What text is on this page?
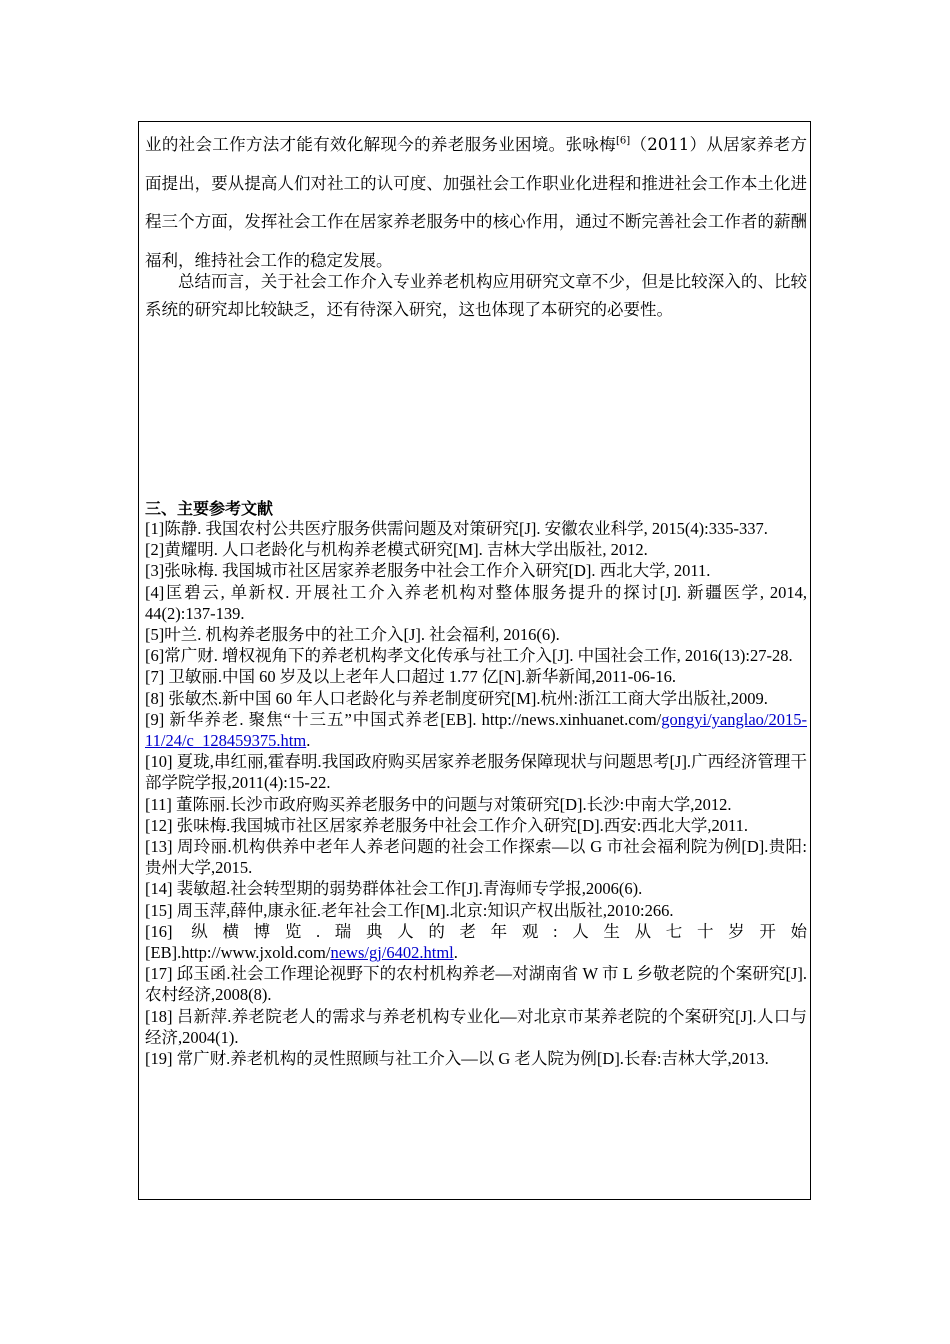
业的社会工作方法才能有效化解现今的养老服务业困境。张咏梅[6]（2011）从居家养老方面提出，要从提高人们对社工的认可度、加强社会工作职业化进程和推进社会工作本土化进程三个方面，发挥社会工作在居家养老服务中的核心作用，通过不断完善社会工作者的薪酬福利，维持社会工作的稳定发展。

总结而言，关于社会工作介入专业养老机构应用研究文章不少，但是比较深入的、比较系统的研究却比较缺乏，还有待深入研究，这也体现了本研究的必要性。

三、主要参考文献
[1]陈静. 我国农村公共医疗服务供需问题及对策研究[J]. 安徽农业科学, 2015(4):335-337.
[2]黄耀明. 人口老龄化与机构养老模式研究[M]. 吉林大学出版社, 2012.
[3]张咏梅. 我国城市社区居家养老服务中社会工作介入研究[D]. 西北大学, 2011.
[4]匡碧云, 单新权. 开展社工介入养老机构对整体服务提升的探讨[J]. 新疆医学, 2014, 44(2):137-139.
[5]叶兰. 机构养老服务中的社工介入[J]. 社会福利, 2016(6).
[6]常广财. 增权视角下的养老机构孝文化传承与社工介入[J]. 中国社会工作, 2016(13):27-28.
[7] 卫敏丽.中国 60 岁及以上老年人口超过 1.77 亿[N].新华新闻,2011-06-16.
[8] 张敏杰.新中国 60 年人口老龄化与养老制度研究[M].杭州:浙江工商大学出版社,2009.
[9] 新华养老. 聚焦“十三五”中国式养老[EB]. http://news.xinhuanet.com/gongyi/yanglao/2015-11/24/c_128459375.htm.
[10] 夏珑,串红丽,霍春明.我国政府购买居家养老服务保障现状与问题思考[J].广西经济管理干部学院学报,2011(4):15-22.
[11] 董陈丽.长沙市政府购买养老服务中的问题与对策研究[D].长沙:中南大学,2012.
[12] 张味梅.我国城市社区居家养老服务中社会工作介入研究[D].西安:西北大学,2011.
[13] 周玲丽.机构供养中老年人养老问题的社会工作探索—以 G 市社会福利院为例[D].贵阳:贵州大学,2015.
[14] 裴敏超.社会转型期的弱势群体社会工作[J].青海师专学报,2006(6).
[15] 周玉萍,薛仲,康永征.老年社会工作[M].北京:知识产权出版社,2010:266.
[16] 纵横博览.瑞典人的老年观:人生从七十岁开始[EB].http://www.jxold.com/news/gj/6402.html.
[17] 邱玉函.社会工作理论视野下的农村机构养老—对湖南省 W 市 L 乡敬老院的个案研究[J].农村经济,2008(8).
[18] 吕新萍.养老院老人的需求与养老机构专业化—对北京市某养老院的个案研究[J].人口与经济,2004(1).
[19] 常广财.养老机构的灵性照顾与社工介入—以 G 老人院为例[D].长春:吉林大学,2013.
